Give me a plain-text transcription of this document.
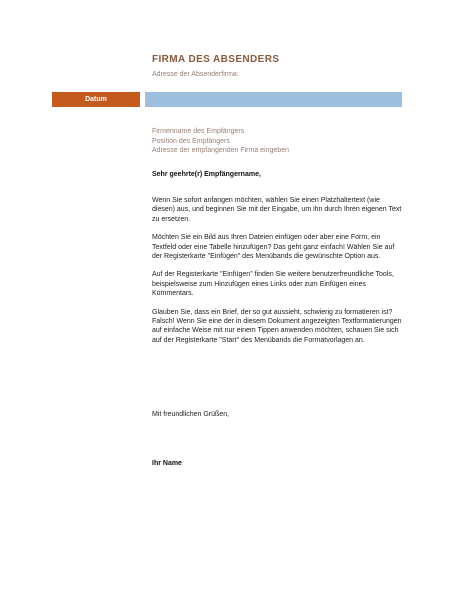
FIRMA DES ABSENDERS
Adresse der Absenderfirma:
Datum
Firmenname des Empfängers
Position des Empfängers
Adresse der empfangenden Firma eingeben
Sehr geehrte(r) Empfängername,

Wenn Sie sofort anfangen möchten, wählen Sie einen Platzhaltertext (wie diesen) aus, und beginnen Sie mit der Eingabe, um ihn durch Ihren eigenen Text zu ersetzen.

Möchten Sie ein Bild aus Ihren Dateien einfügen oder aber eine Form, ein Textfeld oder eine Tabelle hinzufügen? Das geht ganz einfach! Wählen Sie auf der Registerkarte "Einfügen" des Menübands die gewünschte Option aus.

Auf der Registerkarte "Einfügen" finden Sie weitere benutzerfreundliche Tools, beispielsweise zum Hinzufügen eines Links oder zum Einfügen eines Kommentars.

Glauben Sie, dass ein Brief, der so gut aussieht, schwierig zu formatieren ist? Falsch! Wenn Sie eine der in diesem Dokument angezeigten Textformatierungen auf einfache Weise mit nur einem Tippen anwenden möchten, schauen Sie sich auf der Registerkarte "Start" des Menübands die Formatvorlagen an.

Mit freundlichen Grüßen,
Ihr Name
